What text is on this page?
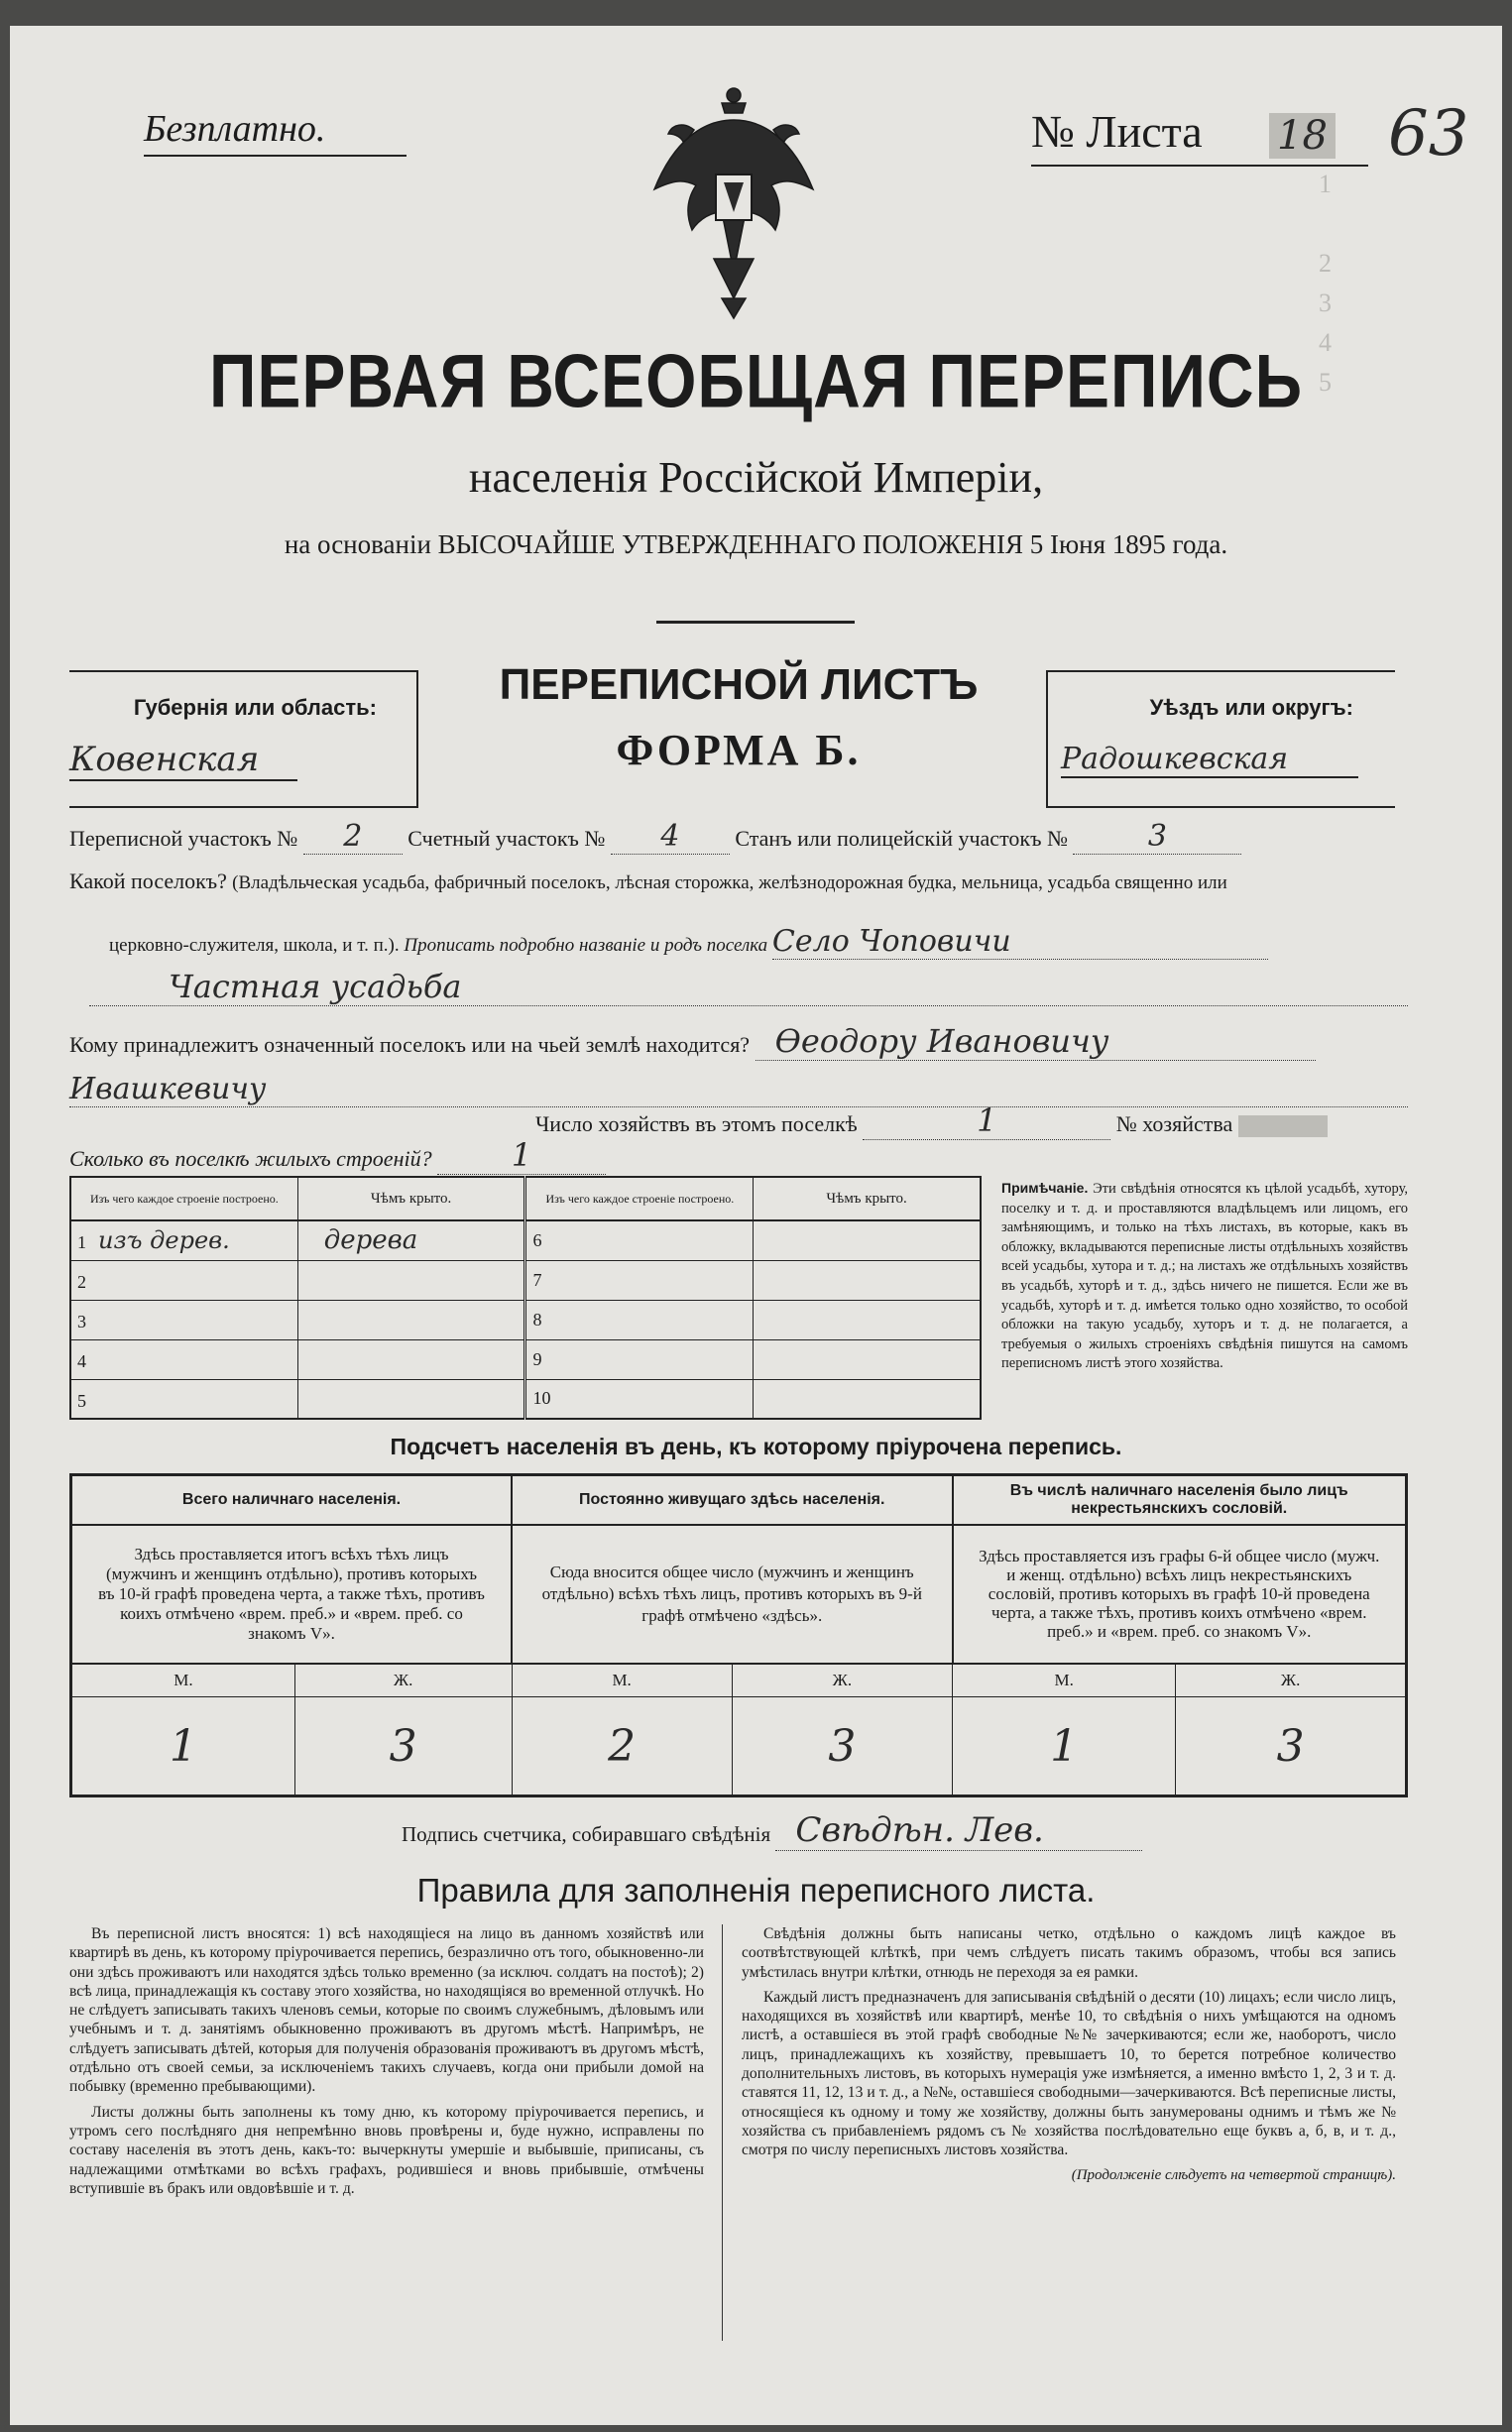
1

2
3
4
5
Безплатно.	№ Листа 18 63
ПЕРВАЯ ВСЕОБЩАЯ ПЕРЕПИСЬ
населенія Россійской Имперіи,
на основаніи ВЫСОЧАЙШЕ УТВЕРЖДЕННАГО ПОЛОЖЕНІЯ 5 Іюня 1895 года.
Губернія или область:
Ковенская
ПЕРЕПИСНОЙ ЛИСТЪ
ФОРМА Б.
Уѣздъ или округъ:
Радошкевская
Переписной участокъ № 2 Счетный участокъ № 4	Станъ или полицейскій участокъ №	3
Какой поселокъ? (Владѣльческая усадьба, фабричный поселокъ, лѣсная сторожка, желѣзнодорожная будка, мельница, усадьба священно или
церковно-служителя, школа, и т. п.). Прописать подробно названіе и родъ поселка Село Чоповичи
Частная усадьба
Кому принадлежитъ означенный поселокъ или на чьей землѣ находится? Өеодору Ивановичу
Ивашкевичу
Число хозяйствъ въ этомъ поселкѣ	1	№ хозяйства
Сколько въ поселкѣ жилыхъ строеній?	1
Изъ чего каждое строеніе построено.	Чѣмъ крыто.	Изъ чего каждое строеніе построено.	Чѣмъ крыто.
1 изъ дерев.	дерева	6	
2		7	
3		8	
4		9	
5		10	
Примѣчаніе. Эти свѣдѣнія относятся къ цѣлой усадьбѣ, хутору, поселку и т. д. и проставляются владѣльцемъ или лицомъ, его замѣняющимъ, и только на тѣхъ листахъ, въ которые, какъ въ обложку, вкладываются переписные листы отдѣльныхъ хозяйствъ всей усадьбы, хутора и т. д.; на листахъ же отдѣльныхъ хозяйствъ въ усадьбѣ, хуторѣ и т. д., здѣсь ничего не пишется. Если же въ усадьбѣ, хуторѣ и т. д. имѣется только одно хозяйство, то особой обложки на такую усадьбу, хуторъ и т. д. не полагается, а требуемыя о жилыхъ строеніяхъ свѣдѣнія пишутся на самомъ переписномъ листѣ этого хозяйства.
Подсчетъ населенія въ день, къ которому пріурочена перепись.
Всего наличнаго населенія.		Постоянно живущаго здѣсь населенія.		Въ числѣ наличнаго населенія было лицъ некрестьянскихъ сословій.	
Здѣсь проставляется итогъ всѣхъ тѣхъ лицъ (мужчинъ и женщинъ отдѣльно), противъ которыхъ въ 10-й графѣ проведена черта, а также тѣхъ, противъ коихъ отмѣчено «врем. преб.» и «врем. преб. со знакомъ V».		Сюда вносится общее число (мужчинъ и женщинъ отдѣльно) всѣхъ тѣхъ лицъ, противъ которыхъ въ 9-й графѣ отмѣчено «здѣсь».		Здѣсь проставляется изъ графы 6-й общее число (мужч. и женщ. отдѣльно) всѣхъ лицъ некрестьянскихъ сословій, противъ которыхъ въ графѣ 10-й проведена черта, а также тѣхъ, противъ коихъ отмѣчено «врем. преб.» и «врем. преб. со знакомъ V».	
М.	Ж.	М.	Ж.	М.	Ж.
1	3	2	3	1	3
Подпись счетчика, собиравшаго свѣдѣнія Свѣдѣн. Лев.
Правила для заполненія переписного листа.

Въ переписной листъ вносятся: 1) всѣ находящіеся на лицо въ данномъ хозяйствѣ или квартирѣ въ день, къ которому пріурочивается перепись, безразлично отъ того, обыкновенно-ли они здѣсь проживаютъ или находятся здѣсь только временно (за исключ. солдатъ на постоѣ); 2) всѣ лица, принадлежащія къ составу этого хозяйства, но находящіяся во временной отлучкѣ. Но не слѣдуетъ записывать такихъ членовъ семьи, которые по своимъ служебнымъ, дѣловымъ или учебнымъ и т. д. занятіямъ обыкновенно проживаютъ въ другомъ мѣстѣ. Напримѣръ, не слѣдуетъ записывать дѣтей, которыя для полученія образованія проживаютъ въ другомъ мѣстѣ, отдѣльно отъ своей семьи, за исключеніемъ такихъ случаевъ, когда они прибыли домой на побывку (временно пребывающими).

Листы должны быть заполнены къ тому дню, къ которому пріурочивается перепись, и утромъ сего послѣдняго дня непремѣнно вновь провѣрены и, буде нужно, исправлены по составу населенія въ этотъ день, какъ-то: вычеркнуты умершіе и выбывшіе, приписаны, съ надлежащими отмѣтками во всѣхъ графахъ, родившіеся и вновь прибывшіе, отмѣчены вступившіе въ бракъ или овдовѣвшіе и т. д.

Свѣдѣнія должны быть написаны четко, отдѣльно о каждомъ лицѣ каждое въ соотвѣтствующей клѣткѣ, при чемъ слѣдуетъ писать такимъ образомъ, чтобы вся запись умѣстилась внутри клѣтки, отнюдь не переходя за ея рамки.

Каждый листъ предназначенъ для записыванія свѣдѣній о десяти (10) лицахъ; если число лицъ, находящихся въ хозяйствѣ или квартирѣ, менѣе 10, то свѣдѣнія о нихъ умѣщаются на одномъ листѣ, а оставшіеся въ этой графѣ свободные №№ зачеркиваются; если же, наоборотъ, число лицъ, принадлежащихъ къ хозяйству, превышаетъ 10, то берется потребное количество дополнительныхъ листовъ, въ которыхъ нумерація уже измѣняется, а именно вмѣсто 1, 2, 3 и т. д. ставятся 11, 12, 13 и т. д., а №№, оставшіеся свободными—зачеркиваются. Всѣ переписные листы, относящіеся къ одному и тому же хозяйству, должны быть занумерованы однимъ и тѣмъ же № хозяйства съ прибавленіемъ рядомъ съ № хозяйства послѣдовательно еще буквъ а, б, в, и т. д., смотря по числу переписныхъ листовъ хозяйства.

(Продолженіе слѣдуетъ на четвертой страницѣ).
